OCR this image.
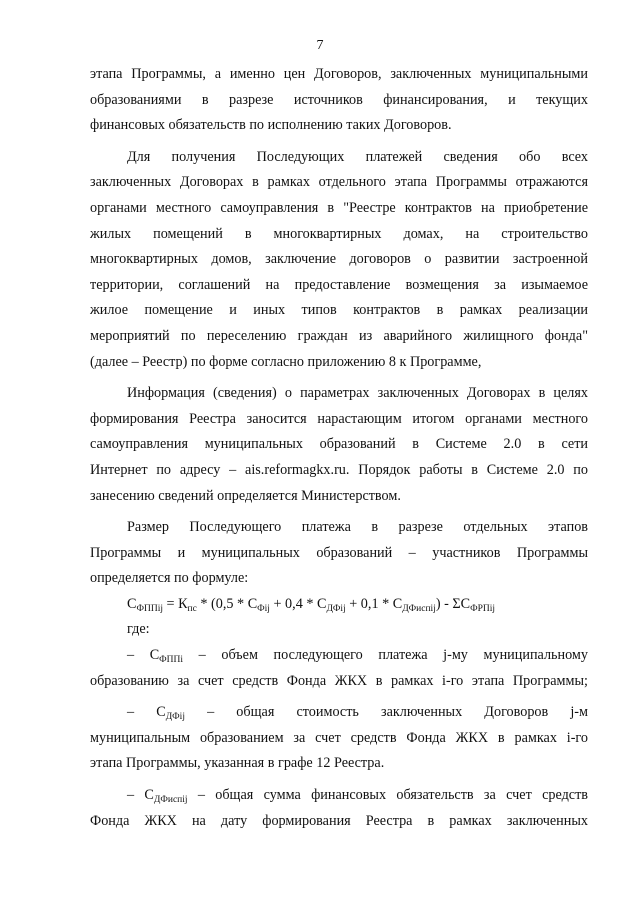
7
этапа Программы, а именно цен Договоров, заключенных муниципальными
образованиями в разрезе источников финансирования, и текущих
финансовых обязательств по исполнению таких Договоров.
Для получения Последующих платежей сведения обо всех
заключенных Договорах в рамках отдельного этапа Программы отражаются
органами местного самоуправления в "Реестре контрактов на приобретение
жилых помещений в многоквартирных домах, на строительство
многоквартирных домов, заключение договоров о развитии застроенной
территории, соглашений на предоставление возмещения за изымаемое
жилое помещение и иных типов контрактов в рамках реализации
мероприятий по переселению граждан из аварийного жилищного фонда"
(далее – Реестр) по форме согласно приложению 8 к Программе,
Информация (сведения) о параметрах заключенных Договорах в целях
формирования Реестра заносится нарастающим итогом органами местного
самоуправления муниципальных образований в Системе 2.0 в сети
Интернет по адресу – ais.reformagkx.ru. Порядок работы в Системе 2.0 по
занесению сведений определяется Министерством.
Размер Последующего платежа в разрезе отдельных этапов
Программы и муниципальных образований – участников Программы
определяется по формуле:
$С_{ФППij} = К_{пс} * (0,5 * С_{Фij} + 0,4 * С_{ДФij} + 0,1 * С_{ДФиспij}) - \Sigma С_{ФРПij}$
где:
– $С_{ФППi}$ – объем последующего платежа j-му муниципальному
образованию за счет средств Фонда ЖКХ в рамках i-го этапа Программы;
– $С_{ДФij}$ – общая стоимость заключенных Договоров j-м
муниципальным образованием за счет средств Фонда ЖКХ в рамках i-го
этапа Программы, указанная в графе 12 Реестра.
– $С_{ДФиспij}$ – общая сумма финансовых обязательств за счет средств
Фонда ЖКХ на дату формирования Реестра в рамках заключенных
